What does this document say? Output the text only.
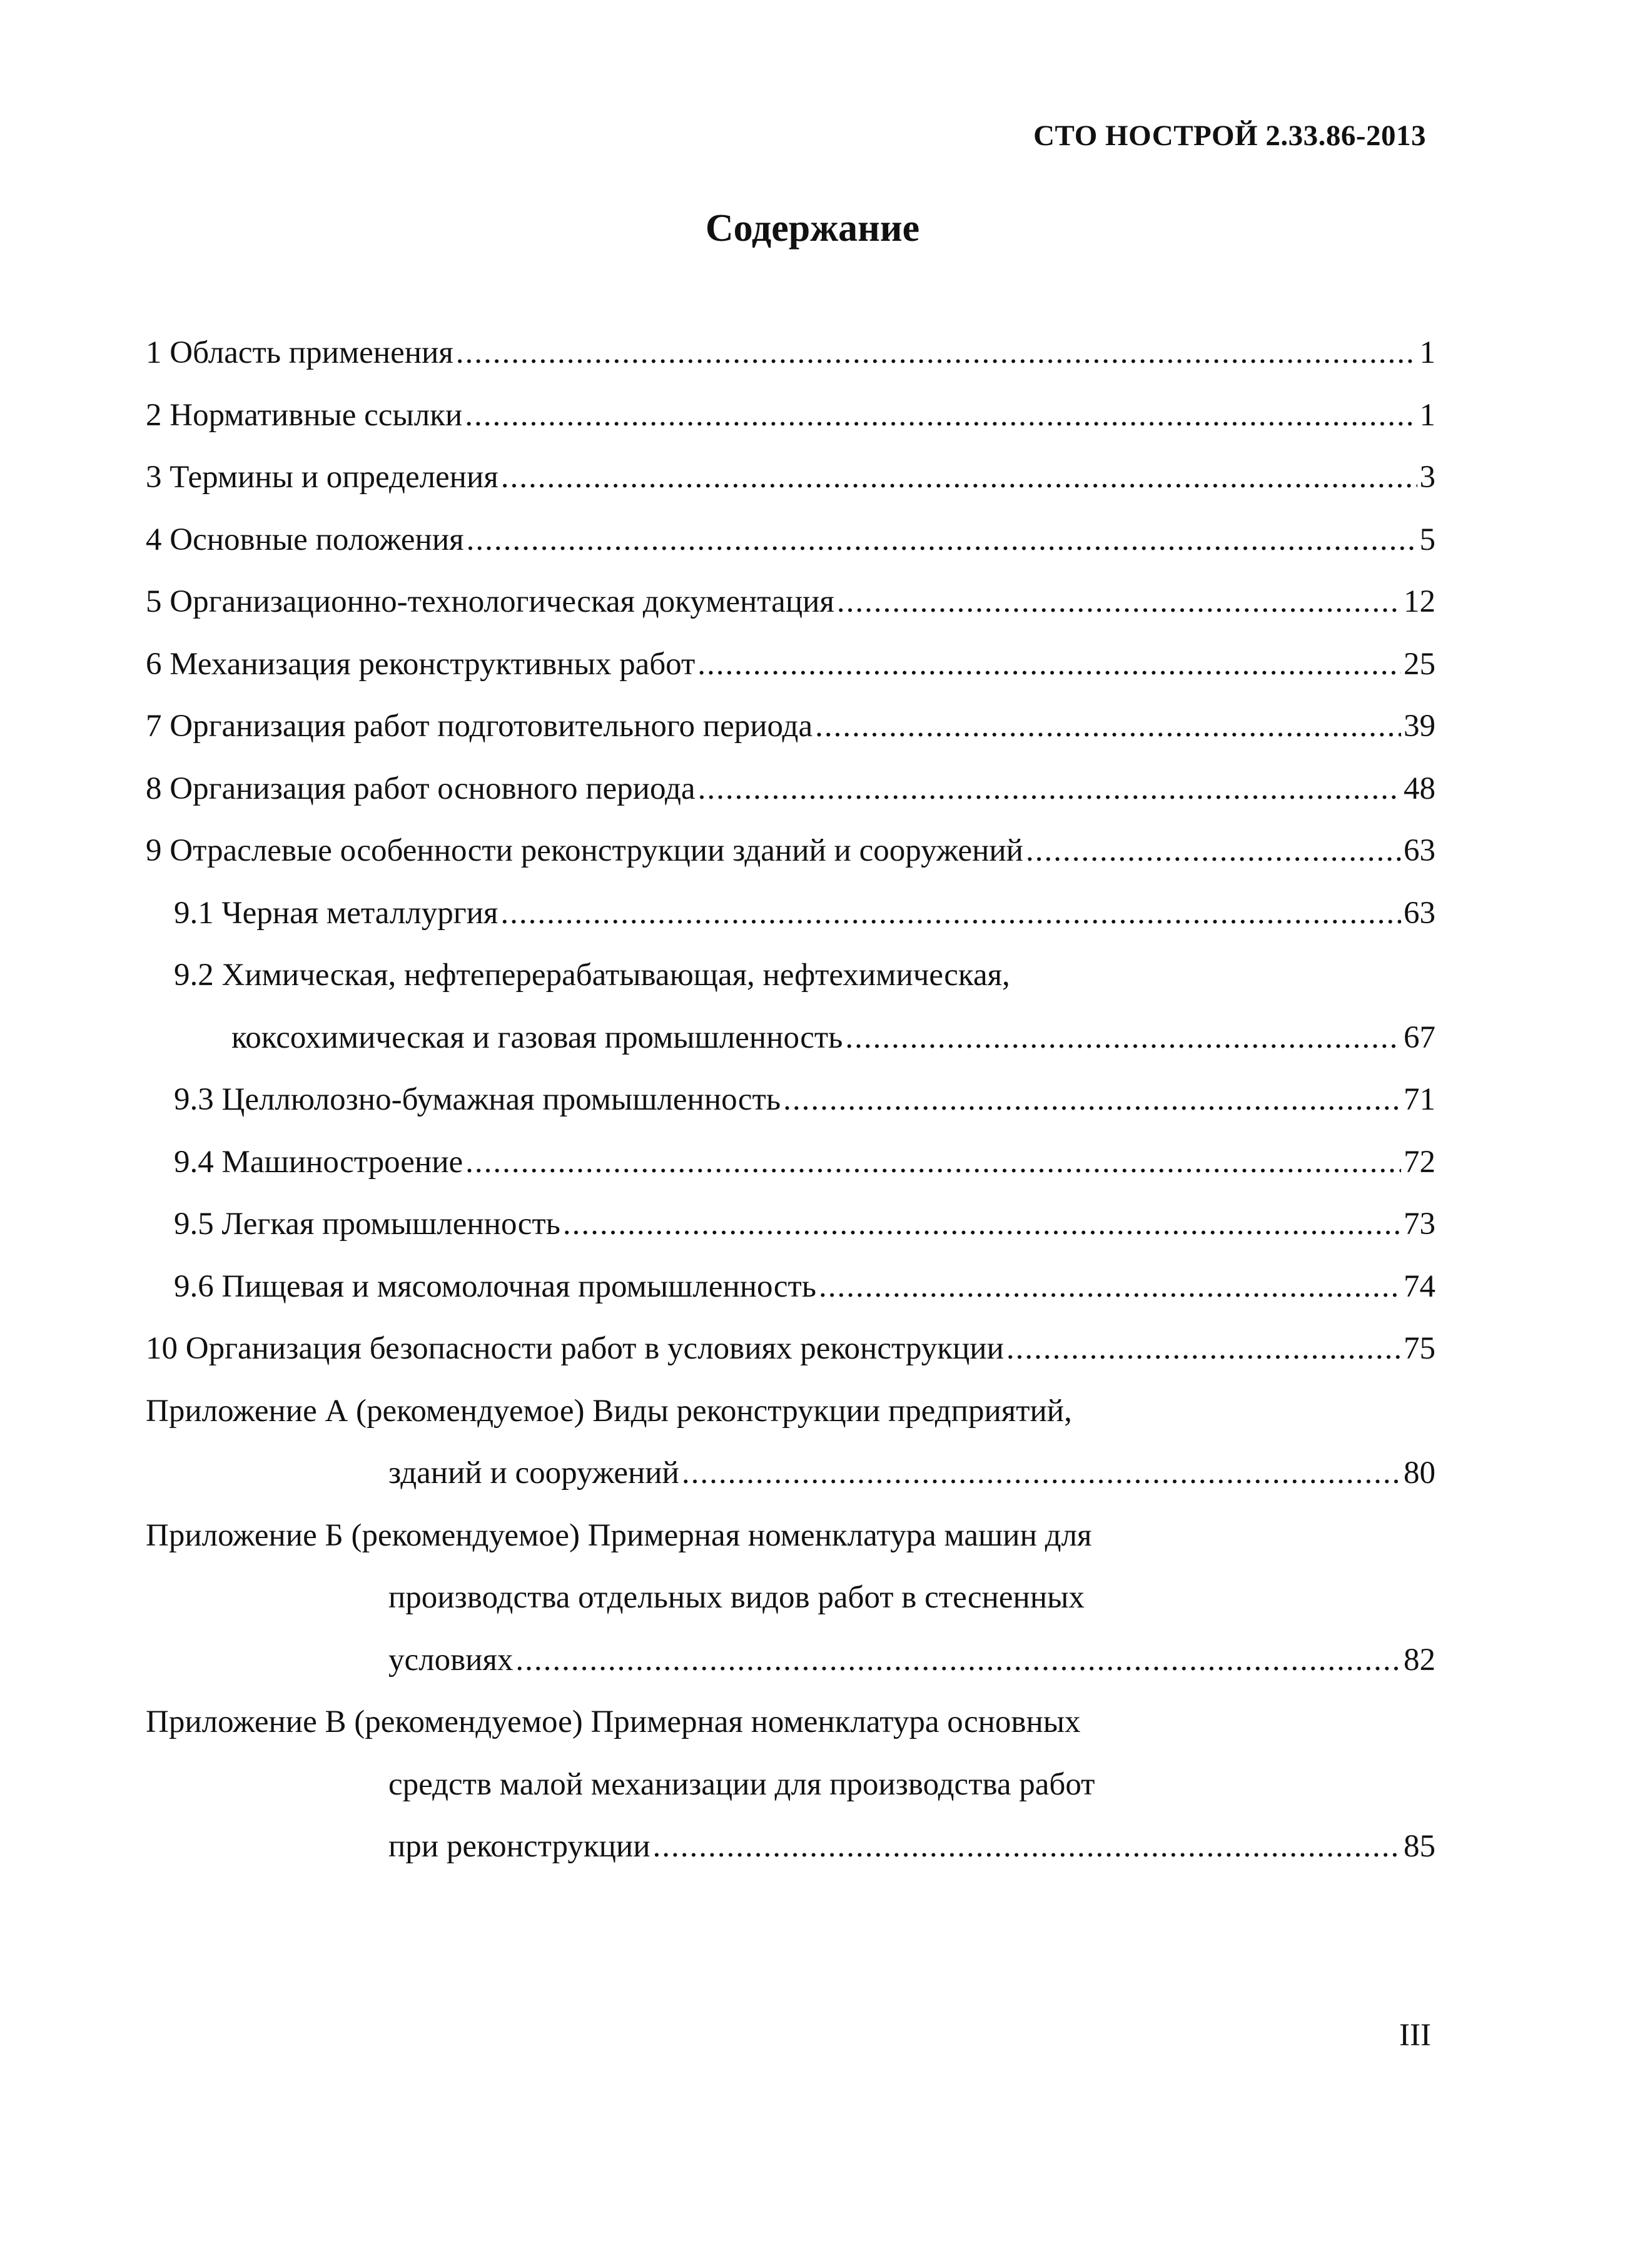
СТО НОСТРОЙ 2.33.86-2013
Содержание
1 Область применения .....	1
2 Нормативные ссылки .....	1
3 Термины и определения .....	3
4 Основные положения .....	5
5 Организационно-технологическая документация .....	12
6 Механизация реконструктивных работ .....	25
7 Организация работ подготовительного периода .....	39
8 Организация работ основного периода .....	48
9 Отраслевые особенности реконструкции зданий и сооружений .....	63
9.1 Черная металлургия .....	63
9.2 Химическая, нефтеперерабатывающая, нефтехимическая,
коксохимическая и газовая промышленность .....	67
9.3 Целлюлозно-бумажная промышленность .....	71
9.4 Машиностроение .....	72
9.5 Легкая промышленность .....	73
9.6 Пищевая и мясомолочная промышленность .....	74
10 Организация безопасности работ в условиях реконструкции .....	75
Приложение А (рекомендуемое) Виды реконструкции предприятий,
зданий и сооружений .....	80
Приложение Б (рекомендуемое) Примерная номенклатура машин для
производства отдельных видов работ в стесненных
условиях .....	82
Приложение В (рекомендуемое) Примерная номенклатура основных
средств малой механизации для производства работ
при реконструкции .....	85
III
